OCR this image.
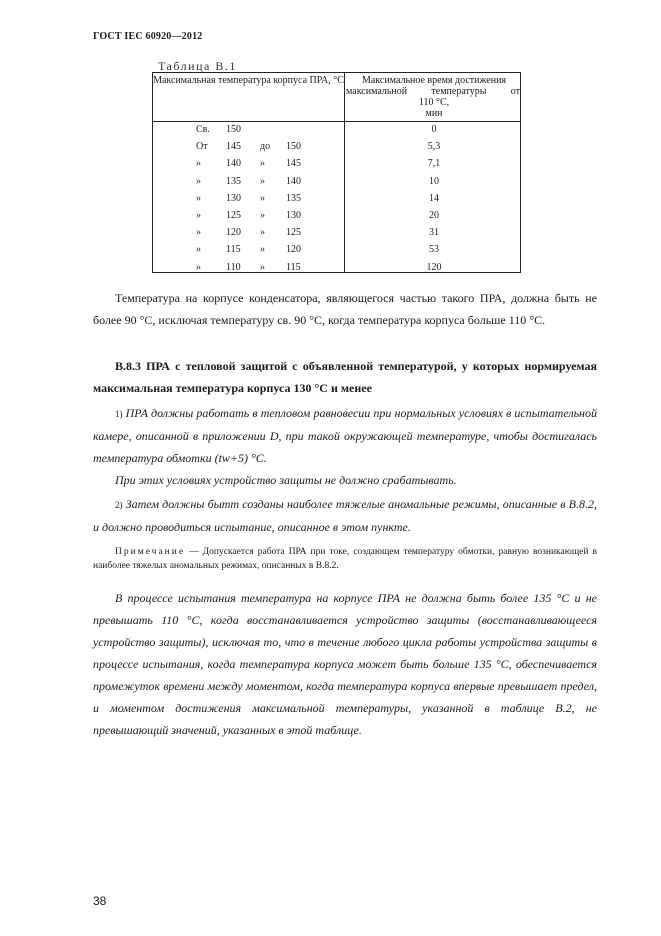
ГОСТ IEC 60920—2012
Таблица B.1
Максимальная температура корпуса ПРА, °С	Максимальное время достижения
максимальной температуры от
110 °С,
мин
Св. 150	0
От 145 до 150	5,3
»	140 » 145	7,1
»	135 » 140	10
»	130 » 135	14
»	125 » 130	20
»	120 » 125	31
»	115 » 120	53
»	110 » 115	120
Температура на корпусе конденсатора, являющегося частью такого ПРА, должна быть не более 90 °С, исключая температуру св. 90 °С, когда температура корпуса больше 110 °С.
В.8.3 ПРА с тепловой защитой с объявленной температурой, у которых нормируемая максимальная температура корпуса 130 °С и менее
1) ПРА должны работать в тепловом равновесии при нормальных условиях в испытательной камере, описанной в приложении D, при такой окружающей температуре, чтобы достигалась температура обмотки (tw+5) °С.
При этих условиях устройство защиты не должно срабатывать.
2) Затем должны бытт созданы наиболее тяжелые аномальные режимы, описанные в В.8.2, и должно проводиться испытание, описанное в этом пункте.
Примечание — Допускается работа ПРА при токе, создающем температуру обмотки, равную возникающей в наиболее тяжелых аномальных режимах, описанных в В.8.2.
В процессе испытания температура на корпусе ПРА не должна быть более 135 °С и не превышать 110 °С, когда восстанавливается устройство защиты (восстанавливающееся устройство защиты), исключая то, что в течение любого цикла работы устройства защиты в процессе испытания, когда температура корпуса может быть больше 135 °С, обеспечивается промежуток времени между моментом, когда температура корпуса впервые превышает предел, и моментом достижения максимальной температуры, указанной в таблице В.2, не превышающий значений, указанных в этой таблице.
38
